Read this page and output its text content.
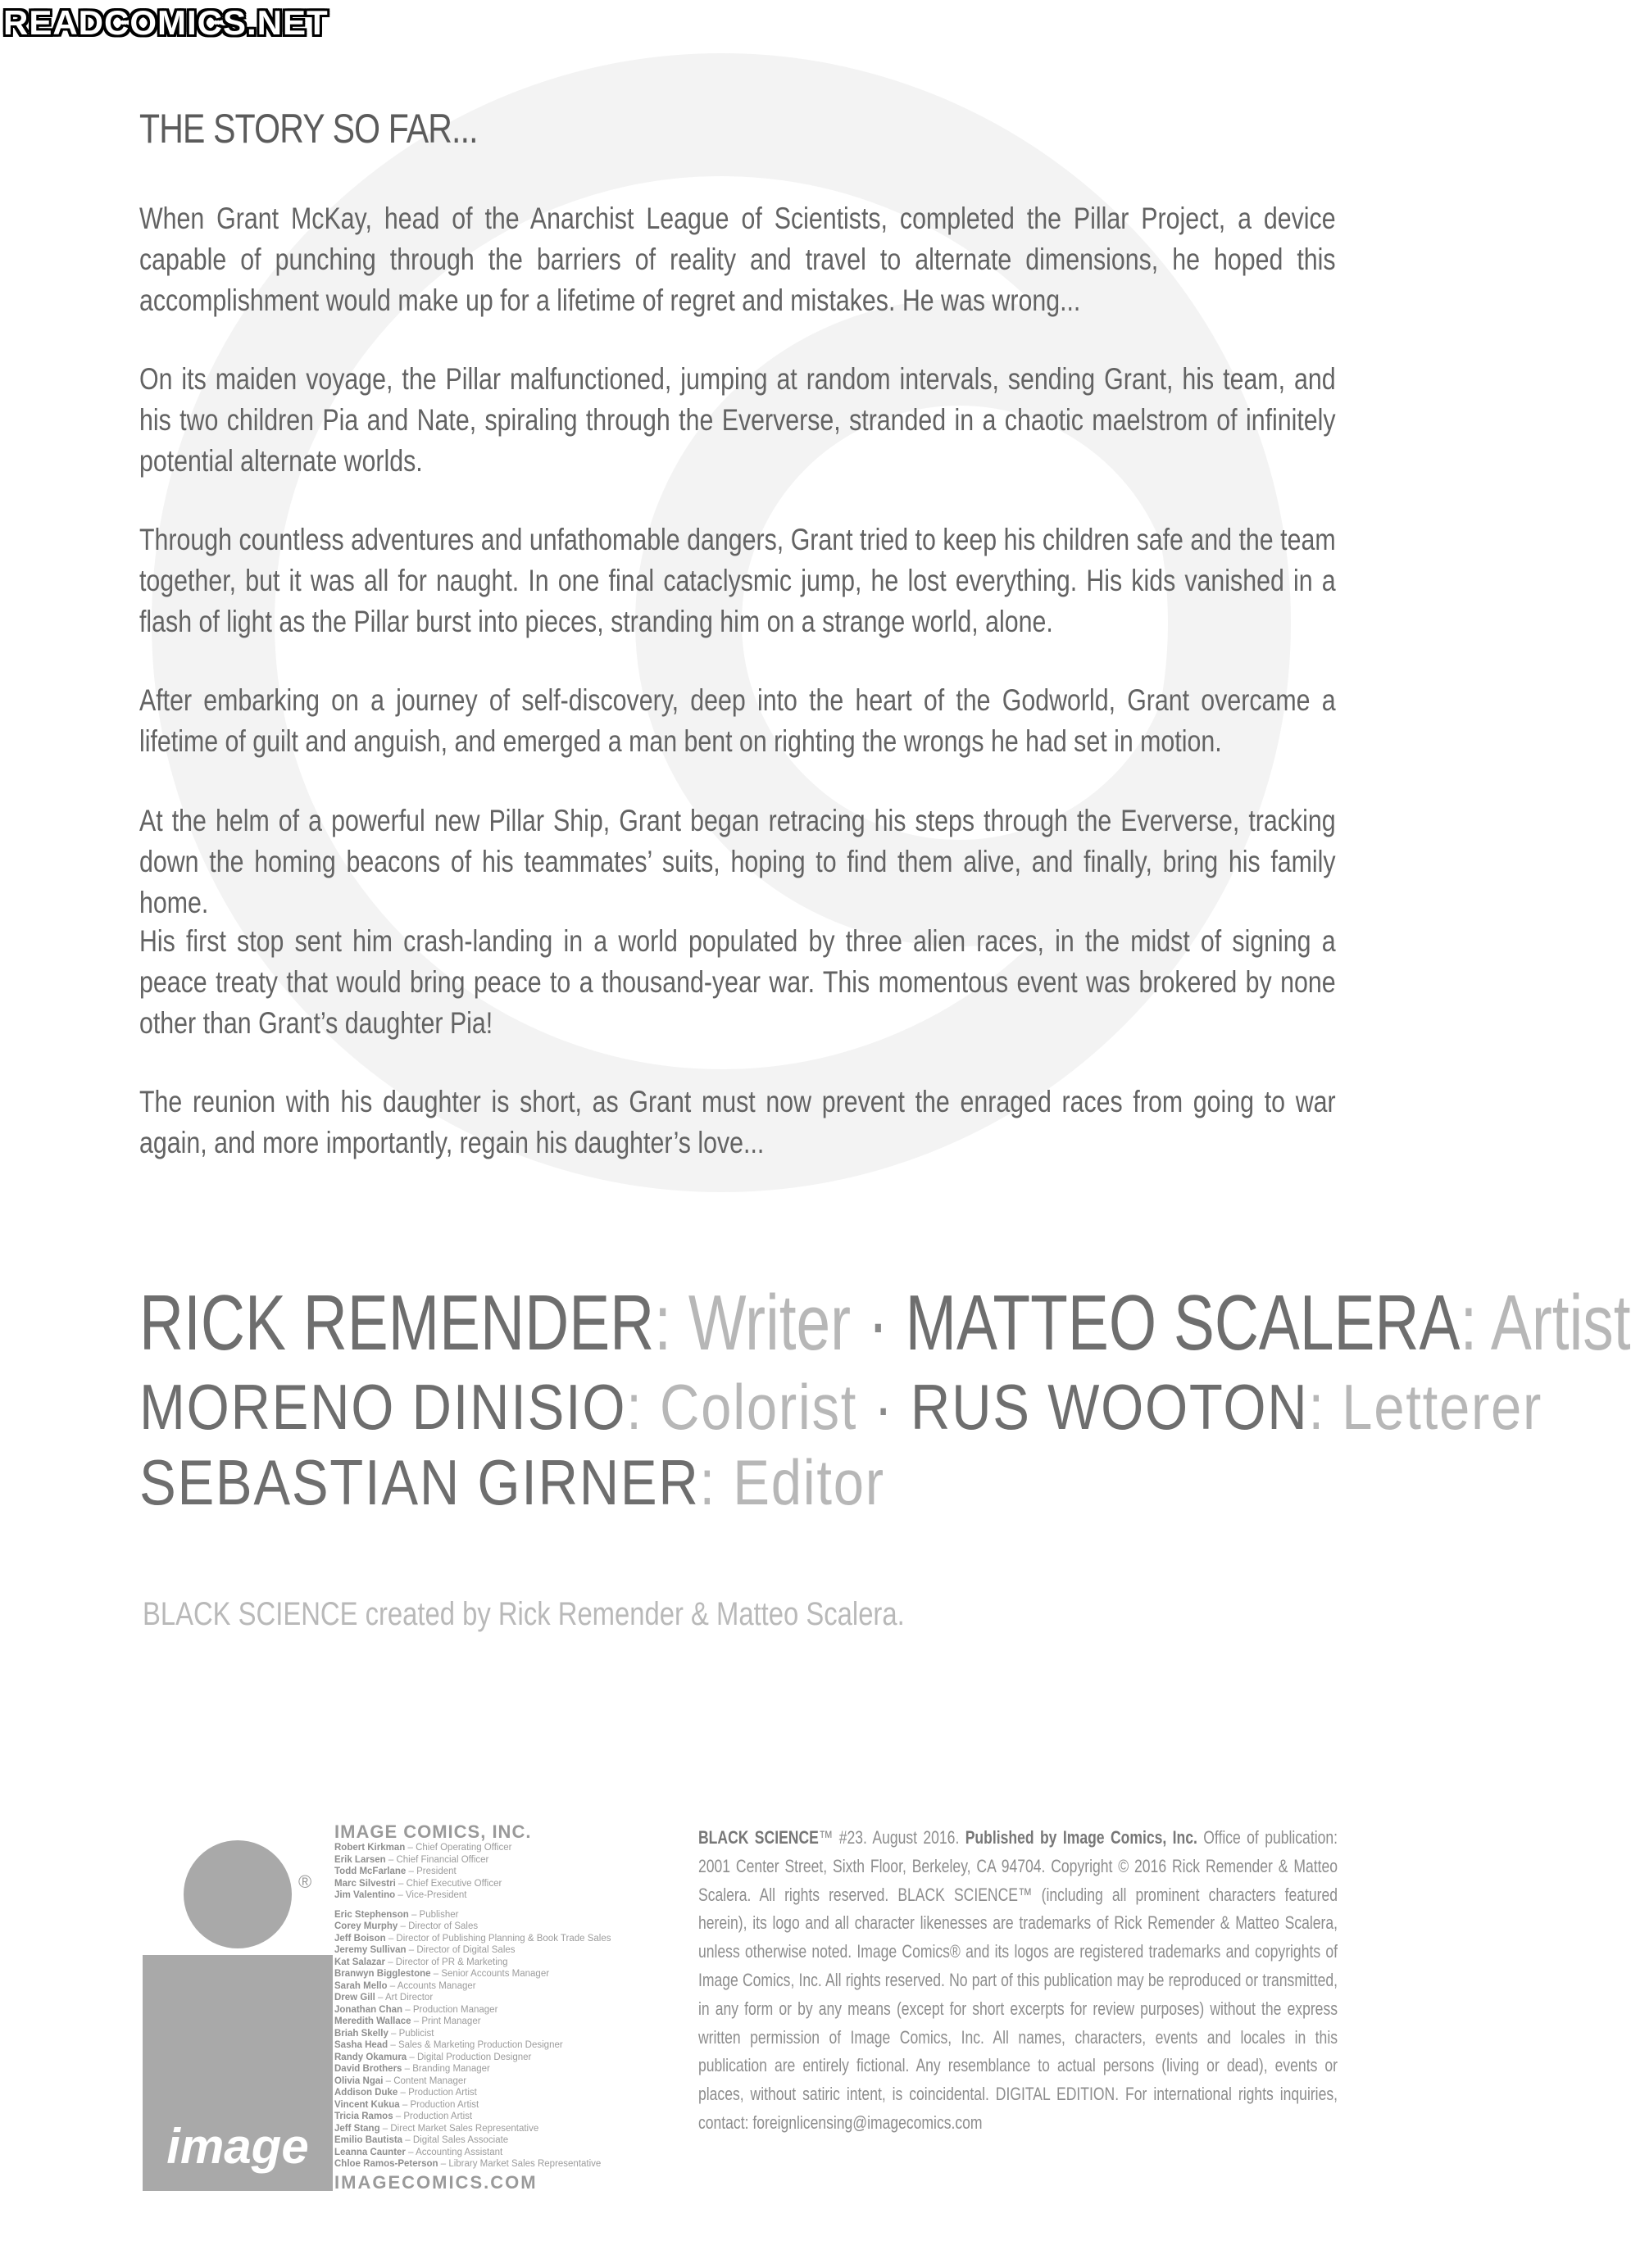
READCOMICS.NET
THE STORY SO FAR...

When Grant McKay, head of the Anarchist League of Scientists, completed the Pillar Project, a device capable of punching through the barriers of reality and travel to alternate dimensions, he hoped this accomplishment would make up for a lifetime of regret and mistakes. He was wrong...

On its maiden voyage, the Pillar malfunctioned, jumping at random intervals, sending Grant, his team, and his two children Pia and Nate, spiraling through the Eververse, stranded in a chaotic maelstrom of infinitely potential alternate worlds.

Through countless adventures and unfathomable dangers, Grant tried to keep his children safe and the team together, but it was all for naught. In one final cataclysmic jump, he lost everything. His kids vanished in a flash of light as the Pillar burst into pieces, stranding him on a strange world, alone.

After embarking on a journey of self-discovery, deep into the heart of the Godworld, Grant overcame a lifetime of guilt and anguish, and emerged a man bent on righting the wrongs he had set in motion.

At the helm of a powerful new Pillar Ship, Grant began retracing his steps through the Eververse, tracking down the homing beacons of his teammates’ suits, hoping to find them alive, and finally, bring his family home.

His first stop sent him crash-landing in a world populated by three alien races, in the midst of signing a peace treaty that would bring peace to a thousand-year war. This momentous event was brokered by none other than Grant’s daughter Pia!

The reunion with his daughter is short, as Grant must now prevent the enraged races from going to war again, and more importantly, regain his daughter’s love...

RICK REMENDER: Writer · MATTEO SCALERA: Artist
MORENO DINISIO: Colorist · RUS WOOTON: Letterer
SEBASTIAN GIRNER: Editor
BLACK SCIENCE created by Rick Remender & Matteo Scalera.
image
®
IMAGE COMICS, INC.
Robert Kirkman – Chief Operating Officer
Erik Larsen – Chief Financial Officer
Todd McFarlane – President
Marc Silvestri – Chief Executive Officer
Jim Valentino – Vice-President
Eric Stephenson – Publisher
Corey Murphy – Director of Sales
Jeff Boison – Director of Publishing Planning & Book Trade Sales
Jeremy Sullivan – Director of Digital Sales
Kat Salazar – Director of PR & Marketing
Branwyn Bigglestone – Senior Accounts Manager
Sarah Mello – Accounts Manager
Drew Gill – Art Director
Jonathan Chan – Production Manager
Meredith Wallace – Print Manager
Briah Skelly – Publicist
Sasha Head – Sales & Marketing Production Designer
Randy Okamura – Digital Production Designer
David Brothers – Branding Manager
Olivia Ngai – Content Manager
Addison Duke – Production Artist
Vincent Kukua – Production Artist
Tricia Ramos – Production Artist
Jeff Stang – Direct Market Sales Representative
Emilio Bautista – Digital Sales Associate
Leanna Caunter – Accounting Assistant
Chloe Ramos-Peterson – Library Market Sales Representative
IMAGECOMICS.COM
BLACK SCIENCE™ #23. August 2016. Published by Image Comics, Inc. Office of publication: 2001 Center Street, Sixth Floor, Berkeley, CA 94704. Copyright © 2016 Rick Remender & Matteo Scalera. All rights reserved. BLACK SCIENCE™ (including all prominent characters featured herein), its logo and all character likenesses are trademarks of Rick Remender & Matteo Scalera, unless otherwise noted. Image Comics® and its logos are registered trademarks and copyrights of Image Comics, Inc. All rights reserved. No part of this publication may be reproduced or transmitted, in any form or by any means (except for short excerpts for review purposes) without the express written permission of Image Comics, Inc. All names, characters, events and locales in this publication are entirely fictional. Any resemblance to actual persons (living or dead), events or places, without satiric intent, is coincidental. DIGITAL EDITION. For international rights inquiries, contact: foreignlicensing@imagecomics.com
